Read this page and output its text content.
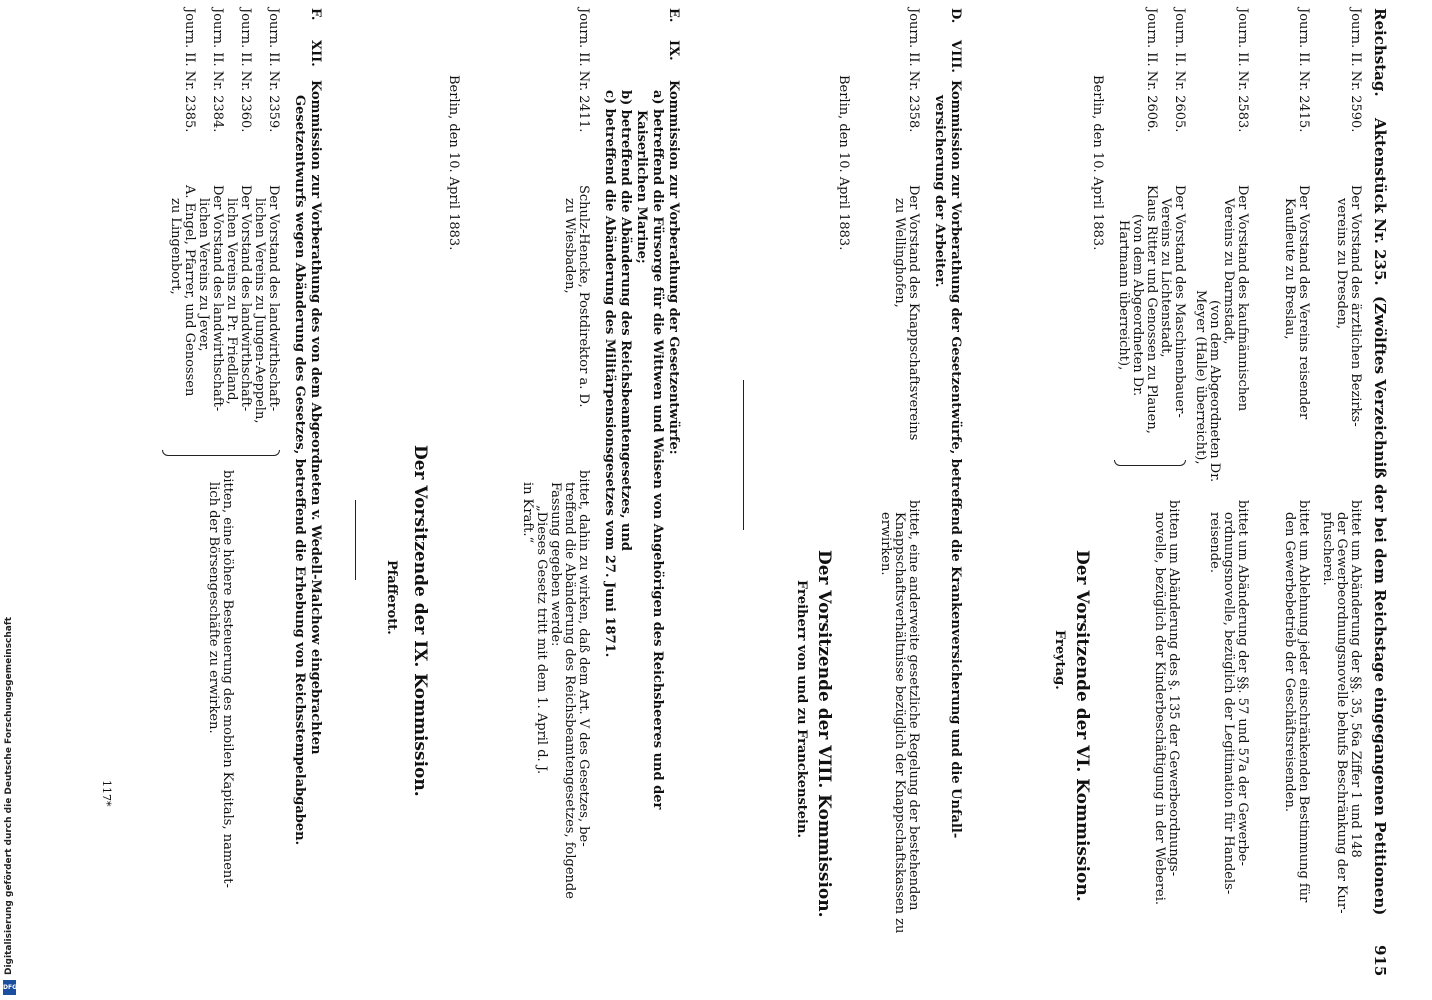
Reichstag.
Aktenstück Nr. 235.
(Zwölftes Verzeichniß der bei dem Reichstage eingegangenen Petitionen)
915
Journ. II. Nr. 2590.
Der Vorstand des ärztlichen Bezirks-
vereins zu Dresden,
bittet um Abänderung der §§. 35, 56a Ziffer 1 und 148
der Gewerbeordnungsnovelle behufs Beschränkung der Kur-
pfuscherei.
Journ. II. Nr. 2415.
Der Vorstand des Vereins reisender
Kaufleute zu Breslau,
bittet um Ablehnung jeder einschränkenden Bestimmung für
den Gewerbebetrieb der Geschäftsreisenden.
Journ. II. Nr. 2583.
Der Vorstand des kaufmännischen
Vereins zu Darmstadt,
(von dem Abgeordneten Dr.
Meyer (Halle) überreicht),
bittet um Abänderung der §§. 57 und 57a der Gewerbe-
ordnungsnovelle, bezüglich der Legitimation für Handels-
reisende.
Journ. II. Nr. 2605.
Der Vorstand des Maschinenbauer-
Vereins zu Lichtenstadt,
Journ. II. Nr. 2606.
Klaus Ritter und Genossen zu Plauen,
(von dem Abgeordneten Dr.
Hartmann überreicht),
bitten um Abänderung des §. 135 der Gewerbeordnungs-
novelle, bezüglich der Kinderbeschäftigung in der Weberei.
Berlin, den 10. April 1883.
Der Vorsitzende der VI. Kommission.
Freytag.
D.
VIII.
Kommission zur Vorberathung der Gesetzentwürfe, betreffend die Krankenversicherung und die Unfall-
versicherung der Arbeiter.
Journ. II. Nr. 2358.
Der Vorstand des Knappschaftsvereins
zu Wellinghofen,
bittet, eine anderweite gesetzliche Regelung der bestehenden
Knappschaftsverhältnisse bezüglich der Knappschaftskassen zu
erwirken.
Berlin, den 10. April 1883.
Der Vorsitzende der VIII. Kommission.
Freiherr von und zu Franckenstein.
E.
IX.
Kommission zur Vorberathung der Gesetzentwürfe:
a) betreffend die Fürsorge für die Wittwen und Waisen von Angehörigen des Reichsheeres und der
Kaiserlichen Marine;
b) betreffend die Abänderung des Reichsbeamtengesetzes, und
c) betreffend die Abänderung des Militärpensionsgesetzes vom 27. Juni 1871.
Journ. II. Nr. 2411.
Schulz-Hencke, Postdirektor a. D.
zu Wiesbaden,
bittet, dahin zu wirken, daß dem Art. V des Gesetzes, be-
treffend die Abänderung des Reichsbeamtengesetzes, folgende
Fassung gegeben werde:
„Dieses Gesetz tritt mit dem 1. April d. J.
in Kraft.“
Berlin, den 10. April 1883.
Der Vorsitzende der IX. Kommission.
Pfafferott.
F.
XII.
Kommission zur Vorberathung des von dem Abgeordneten v. Wedell-Malchow eingebrachten
Gesetzentwurfs wegen Abänderung des Gesetzes, betreffend die Erhebung von Reichsstempelabgaben.
Journ. II. Nr. 2359.
Der Vorstand des landwirthschaft-
lichen Vereins zu Jungen-Aeppeln,
Journ. II. Nr. 2360.
Der Vorstand des landwirthschaft-
lichen Vereins zu Pr. Friedland,
Journ. II. Nr. 2384.
Der Vorstand des landwirthschaft-
lichen Vereins zu Jever,
Journ. II. Nr. 2385.
A. Engel, Pfarrer, und Genossen
zu Lingenbort,
bitten, eine höhere Besteuerung des mobilen Kapitals, nament-
lich der Börsengeschäfte zu erwirken.
117*
Digitalisierung gefördert durch die Deutsche Forschungsgemeinschaft
DFG
